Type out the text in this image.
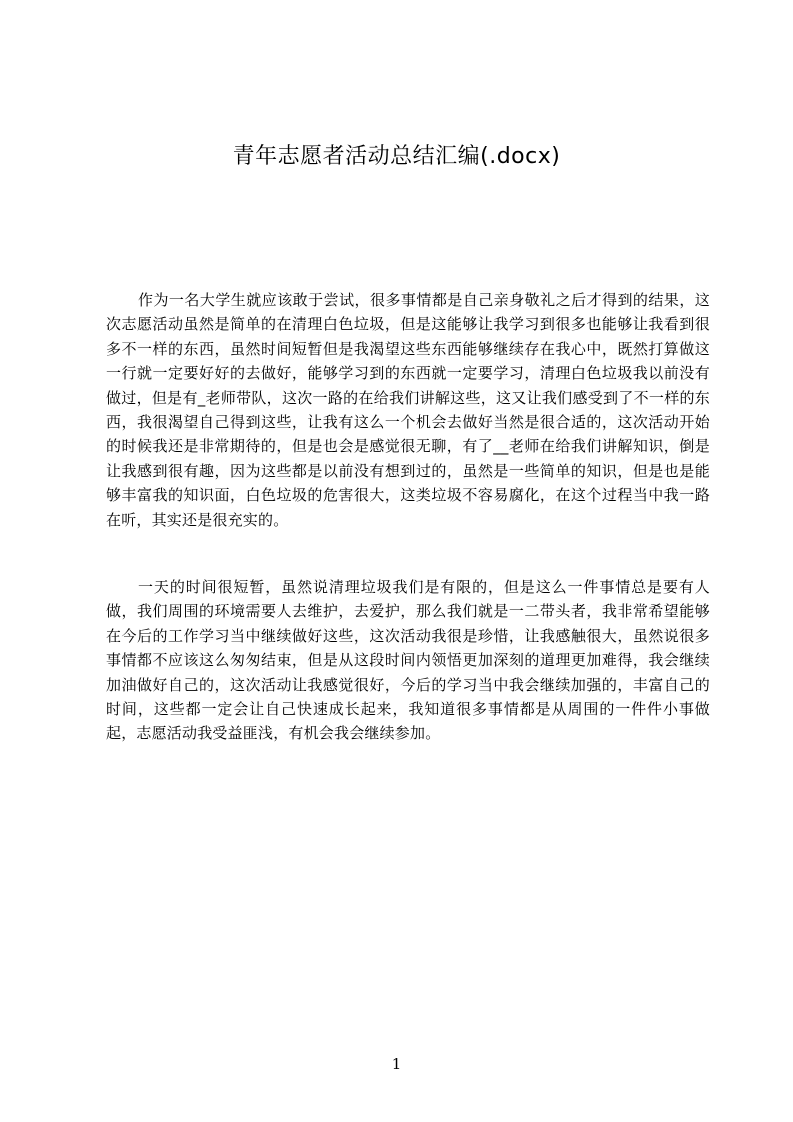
青年志愿者活动总结汇编(.docx)

作为一名大学生就应该敢于尝试，很多事情都是自己亲身敬礼之后才得到的结果，这次志愿活动虽然是简单的在清理白色垃圾，但是这能够让我学习到很多也能够让我看到很多不一样的东西，虽然时间短暂但是我渴望这些东西能够继续存在我心中，既然打算做这一行就一定要好好的去做好，能够学习到的东西就一定要学习，清理白色垃圾我以前没有做过，但是有_老师带队，这次一路的在给我们讲解这些，这又让我们感受到了不一样的东西，我很渴望自己得到这些，让我有这么一个机会去做好当然是很合适的，这次活动开始的时候我还是非常期待的，但是也会是感觉很无聊，有了__老师在给我们讲解知识，倒是让我感到很有趣，因为这些都是以前没有想到过的，虽然是一些简单的知识，但是也是能够丰富我的知识面，白色垃圾的危害很大，这类垃圾不容易腐化，在这个过程当中我一路在听，其实还是很充实的。

一天的时间很短暂，虽然说清理垃圾我们是有限的，但是这么一件事情总是要有人做，我们周围的环境需要人去维护，去爱护，那么我们就是一二带头者，我非常希望能够在今后的工作学习当中继续做好这些，这次活动我很是珍惜，让我感触很大，虽然说很多事情都不应该这么匆匆结束，但是从这段时间内领悟更加深刻的道理更加难得，我会继续加油做好自己的，这次活动让我感觉很好，今后的学习当中我会继续加强的，丰富自己的时间，这些都一定会让自己快速成长起来，我知道很多事情都是从周围的一件件小事做起，志愿活动我受益匪浅，有机会我会继续参加。

1
